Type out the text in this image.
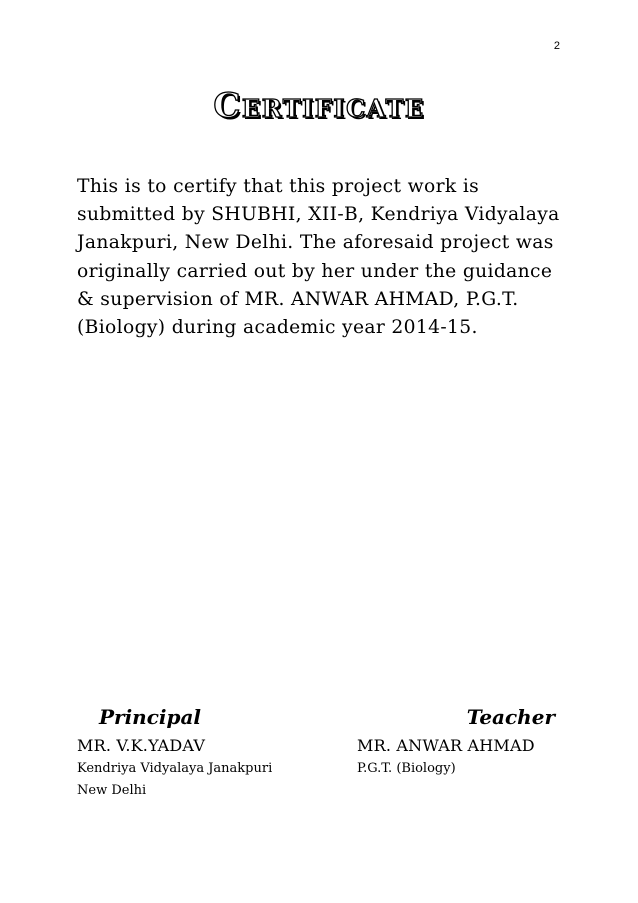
2
Certificate
This is to certify that this project work is submitted by SHUBHI, XII-B, Kendriya Vidyalaya Janakpuri, New Delhi. The aforesaid project was originally carried out by her under the guidance & supervision of MR. ANWAR AHMAD, P.G.T. (Biology) during academic year 2014-15.
Principal
MR. V.K.YADAV
Kendriya Vidyalaya Janakpuri
New Delhi
Teacher
MR. ANWAR AHMAD
P.G.T. (Biology)
